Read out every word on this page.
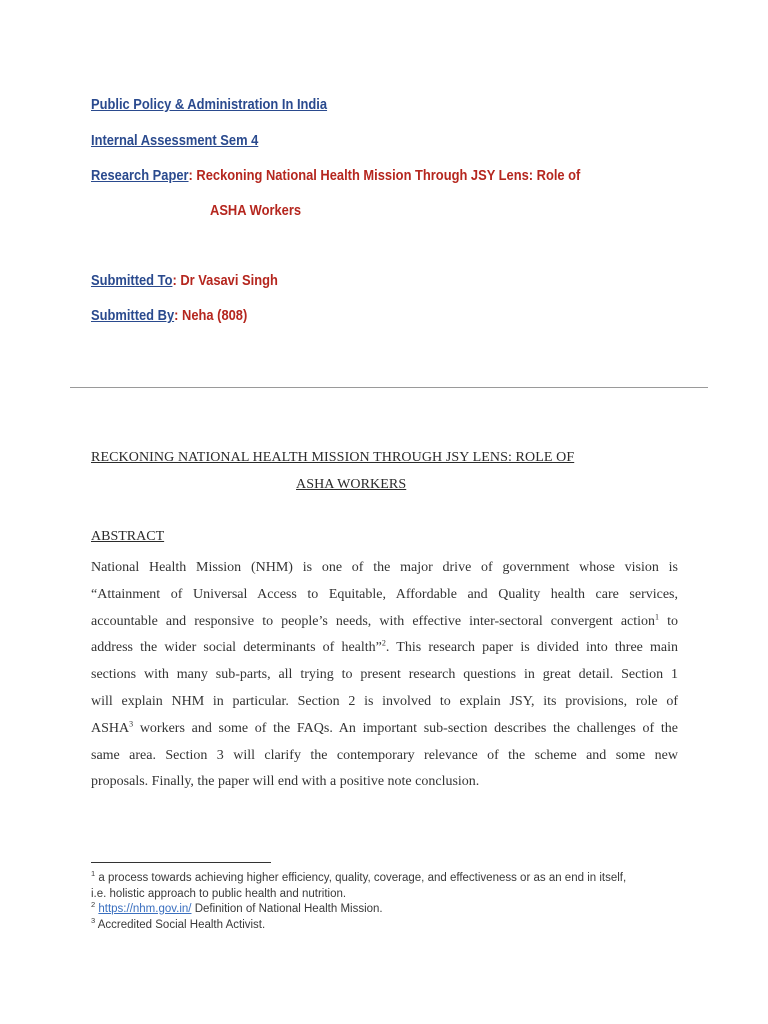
Public Policy & Administration In India
Internal Assessment Sem 4
Research Paper: Reckoning National Health Mission Through JSY Lens: Role of
ASHA Workers
Submitted To: Dr Vasavi Singh
Submitted By: Neha (808)
RECKONING NATIONAL HEALTH MISSION THROUGH JSY LENS: ROLE OF
ASHA WORKERS
ABSTRACT
National Health Mission (NHM) is one of the major drive of government whose vision is
“Attainment of Universal Access to Equitable, Affordable and Quality health care services,
accountable and responsive to people’s needs, with effective inter-sectoral convergent action$^1$ to
address the wider social determinants of health”$^2$. This research paper is divided into three main
sections with many sub-parts, all trying to present research questions in great detail. Section 1
will explain NHM in particular. Section 2 is involved to explain JSY, its provisions, role of
ASHA$^3$ workers and some of the FAQs. An important sub-section describes the challenges of the
same area. Section 3 will clarify the contemporary relevance of the scheme and some new
proposals. Finally, the paper will end with a positive note conclusion.
$^1$ a process towards achieving higher efficiency, quality, coverage, and effectiveness or as an end in itself,
i.e. holistic approach to public health and nutrition.
$^2$ https://nhm.gov.in/ Definition of National Health Mission.
$^3$ Accredited Social Health Activist.
